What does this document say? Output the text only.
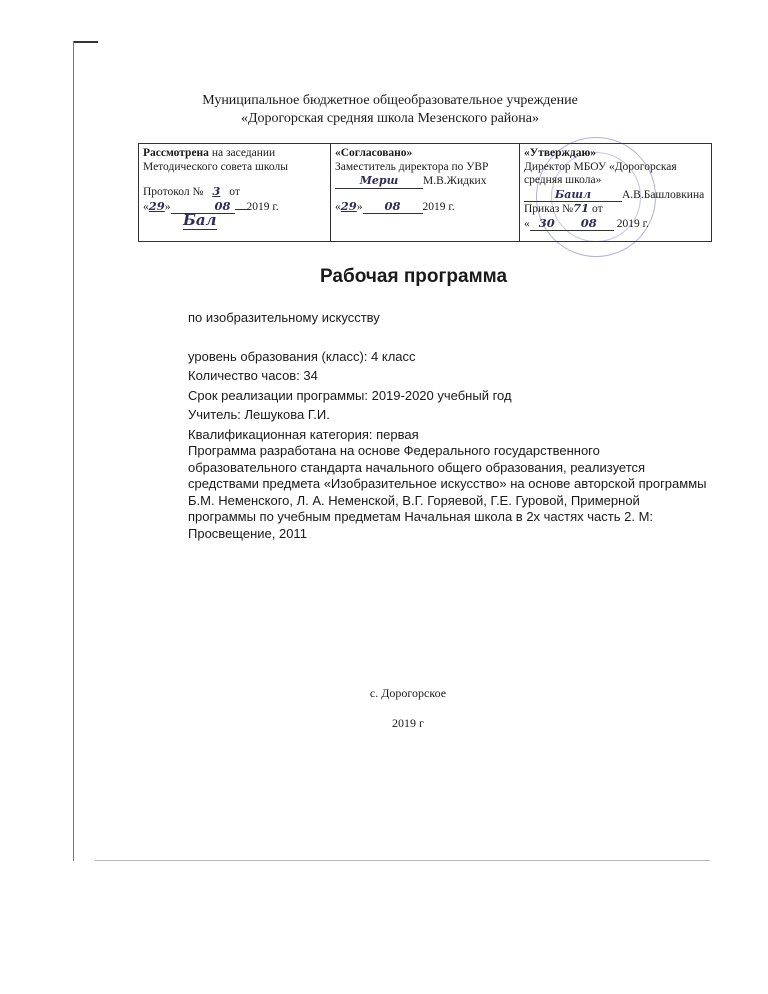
Муниципальное бюджетное общеобразовательное учреждение
«Дорогорская средняя школа Мезенского района»
Рассмотрена на заседании
Методического совета школы
Протокол № 3 от
«29»	08 2019 г.
Бал

«Согласовано»
Заместитель директора по УВР
Мерш М.В.Жидких
«29» 08 2019 г.

«Утверждаю»
Директор МБОУ «Дорогорская
средняя школа»
Башл	А.В.Башловкина
Приказ №71 от
« 30 08 2019 г.
Рабочая программа
по изобразительному искусству
уровень образования (класс): 4 класс
Количество часов: 34
Срок реализации программы: 2019-2020 учебный год
Учитель: Лешукова Г.И.
Квалификационная категория: первая
Программа разработана на основе Федерального государственного образовательного стандарта начального общего образования, реализуется средствами предмета «Изобразительное искусство» на основе авторской программы Б.М. Неменского, Л. А. Неменской, В.Г. Горяевой, Г.Е. Гуровой, Примерной программы по учебным предметам Начальная школа в 2х частях часть 2. М: Просвещение, 2011
с. Дорогорское
2019 г
